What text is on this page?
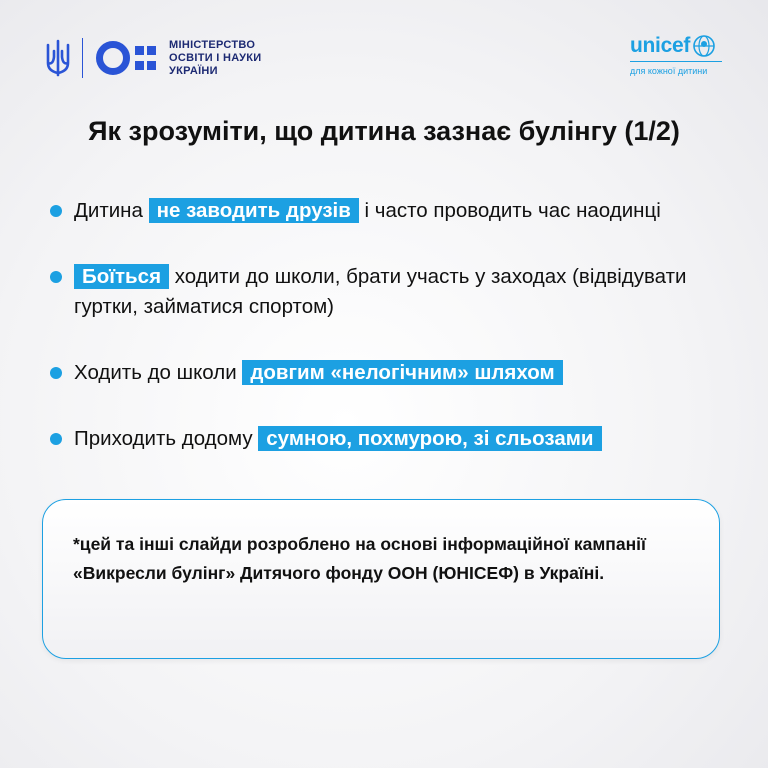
МІНІСТЕРСТВО
ОСВІТИ І НАУКИ
УКРАЇНИ
unicef
для кожної дитини
Як зрозуміти, що дитина зазнає булінгу (1/2)
Дитина не заводить друзів і часто проводить час наодинці
Боїться ходити до школи, брати участь у заходах (відвідувати гуртки, займатися спортом)
Ходить до школи довгим «нелогічним» шляхом
Приходить додому сумною, похмурою, зі сльозами
*цей та інші слайди розроблено на основі інформаційної кампанії «Викресли булінг» Дитячого фонду ООН (ЮНІСЕФ) в Україні.
